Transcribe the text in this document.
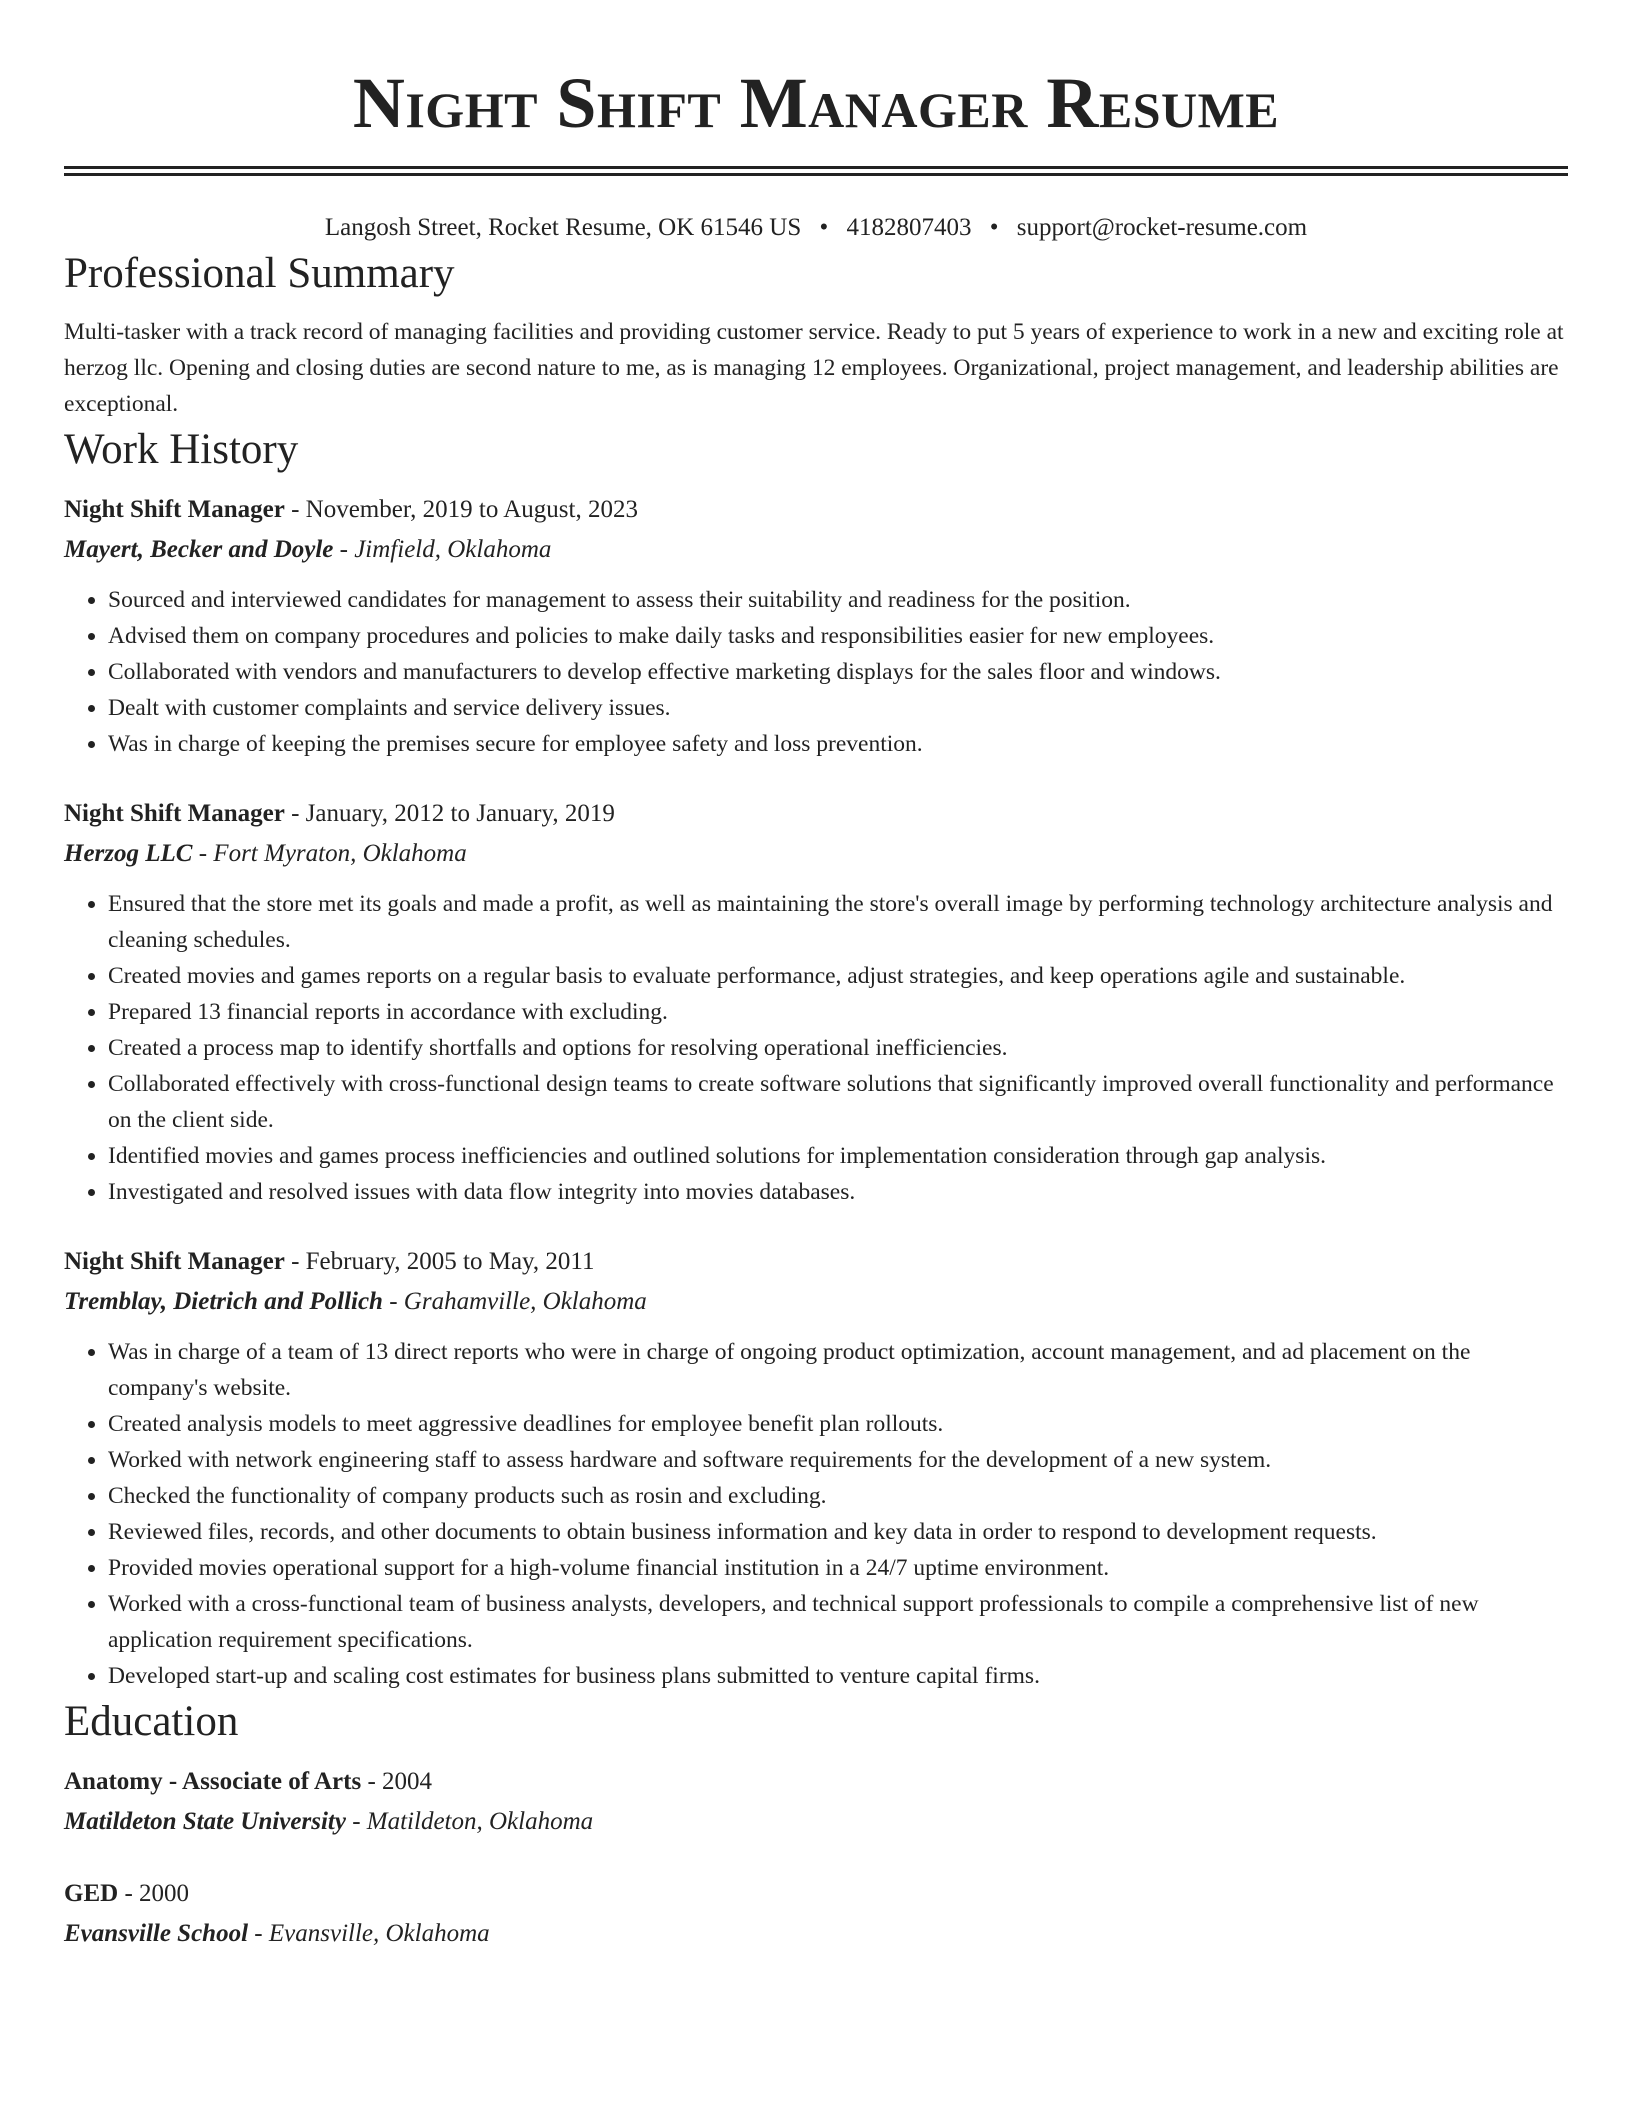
Night Shift Manager Resume
Langosh Street, Rocket Resume, OK 61546 US • 4182807403 • support@rocket-resume.com
Professional Summary
Multi-tasker with a track record of managing facilities and providing customer service. Ready to put 5 years of experience to work in a new and exciting role at herzog llc. Opening and closing duties are second nature to me, as is managing 12 employees. Organizational, project management, and leadership abilities are exceptional.
Work History
Night Shift Manager - November, 2019 to August, 2023
Mayert, Becker and Doyle - Jimfield, Oklahoma
• Sourced and interviewed candidates for management to assess their suitability and readiness for the position.
• Advised them on company procedures and policies to make daily tasks and responsibilities easier for new employees.
• Collaborated with vendors and manufacturers to develop effective marketing displays for the sales floor and windows.
• Dealt with customer complaints and service delivery issues.
• Was in charge of keeping the premises secure for employee safety and loss prevention.
Night Shift Manager - January, 2012 to January, 2019
Herzog LLC - Fort Myraton, Oklahoma
• Ensured that the store met its goals and made a profit, as well as maintaining the store's overall image by performing technology architecture analysis and cleaning schedules.
• Created movies and games reports on a regular basis to evaluate performance, adjust strategies, and keep operations agile and sustainable.
• Prepared 13 financial reports in accordance with excluding.
• Created a process map to identify shortfalls and options for resolving operational inefficiencies.
• Collaborated effectively with cross-functional design teams to create software solutions that significantly improved overall functionality and performance on the client side.
• Identified movies and games process inefficiencies and outlined solutions for implementation consideration through gap analysis.
• Investigated and resolved issues with data flow integrity into movies databases.
Night Shift Manager - February, 2005 to May, 2011
Tremblay, Dietrich and Pollich - Grahamville, Oklahoma
• Was in charge of a team of 13 direct reports who were in charge of ongoing product optimization, account management, and ad placement on the company's website.
• Created analysis models to meet aggressive deadlines for employee benefit plan rollouts.
• Worked with network engineering staff to assess hardware and software requirements for the development of a new system.
• Checked the functionality of company products such as rosin and excluding.
• Reviewed files, records, and other documents to obtain business information and key data in order to respond to development requests.
• Provided movies operational support for a high-volume financial institution in a 24/7 uptime environment.
• Worked with a cross-functional team of business analysts, developers, and technical support professionals to compile a comprehensive list of new application requirement specifications.
• Developed start-up and scaling cost estimates for business plans submitted to venture capital firms.
Education
Anatomy - Associate of Arts - 2004
Matildeton State University - Matildeton, Oklahoma
GED - 2000
Evansville School - Evansville, Oklahoma
